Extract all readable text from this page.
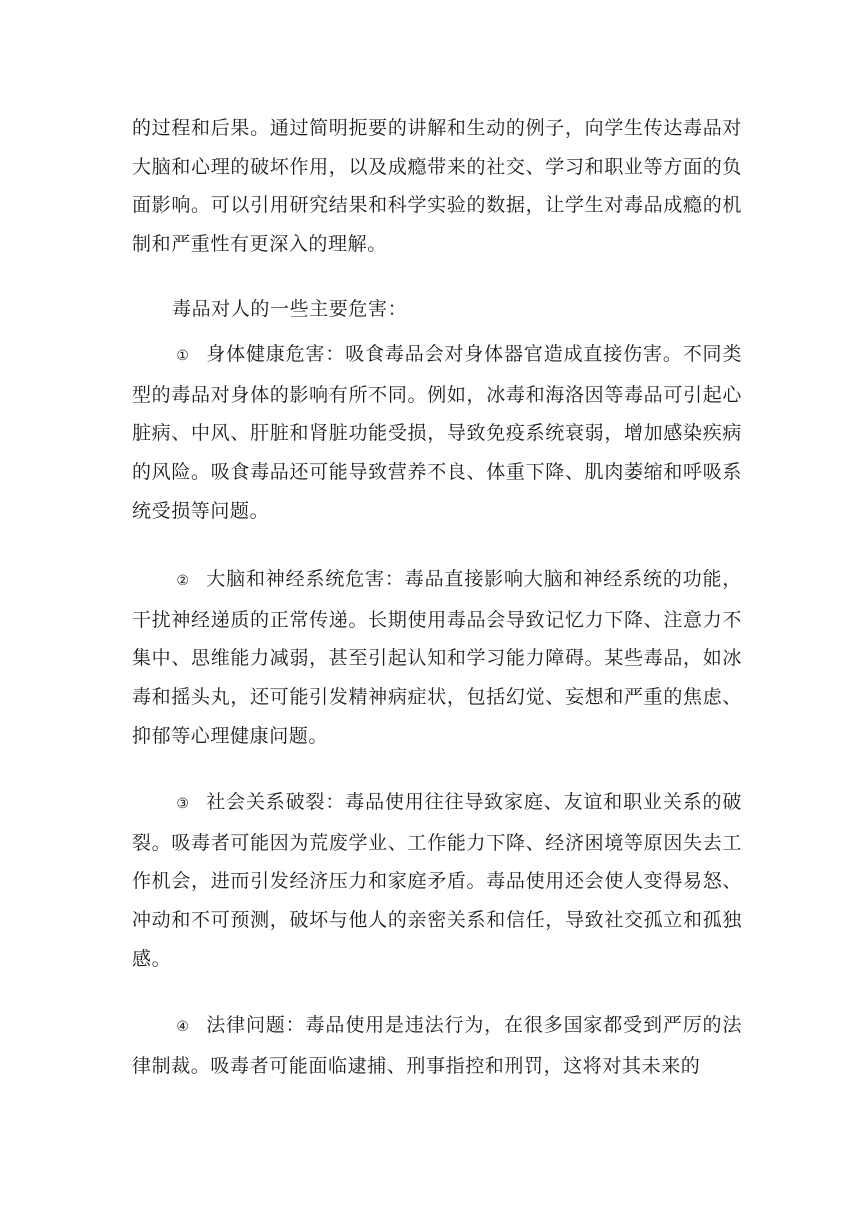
的过程和后果。通过简明扼要的讲解和生动的例子，向学生传达毒品对大脑和心理的破坏作用，以及成瘾带来的社交、学习和职业等方面的负面影响。可以引用研究结果和科学实验的数据，让学生对毒品成瘾的机制和严重性有更深入的理解。

毒品对人的一些主要危害：

① 身体健康危害：吸食毒品会对身体器官造成直接伤害。不同类型的毒品对身体的影响有所不同。例如，冰毒和海洛因等毒品可引起心脏病、中风、肝脏和肾脏功能受损，导致免疫系统衰弱，增加感染疾病的风险。吸食毒品还可能导致营养不良、体重下降、肌肉萎缩和呼吸系统受损等问题。

② 大脑和神经系统危害：毒品直接影响大脑和神经系统的功能，干扰神经递质的正常传递。长期使用毒品会导致记忆力下降、注意力不集中、思维能力减弱，甚至引起认知和学习能力障碍。某些毒品，如冰毒和摇头丸，还可能引发精神病症状，包括幻觉、妄想和严重的焦虑、抑郁等心理健康问题。

③ 社会关系破裂：毒品使用往往导致家庭、友谊和职业关系的破裂。吸毒者可能因为荒废学业、工作能力下降、经济困境等原因失去工作机会，进而引发经济压力和家庭矛盾。毒品使用还会使人变得易怒、冲动和不可预测，破坏与他人的亲密关系和信任，导致社交孤立和孤独感。

④ 法律问题：毒品使用是违法行为，在很多国家都受到严厉的法律制裁。吸毒者可能面临逮捕、刑事指控和刑罚，这将对其未来的
